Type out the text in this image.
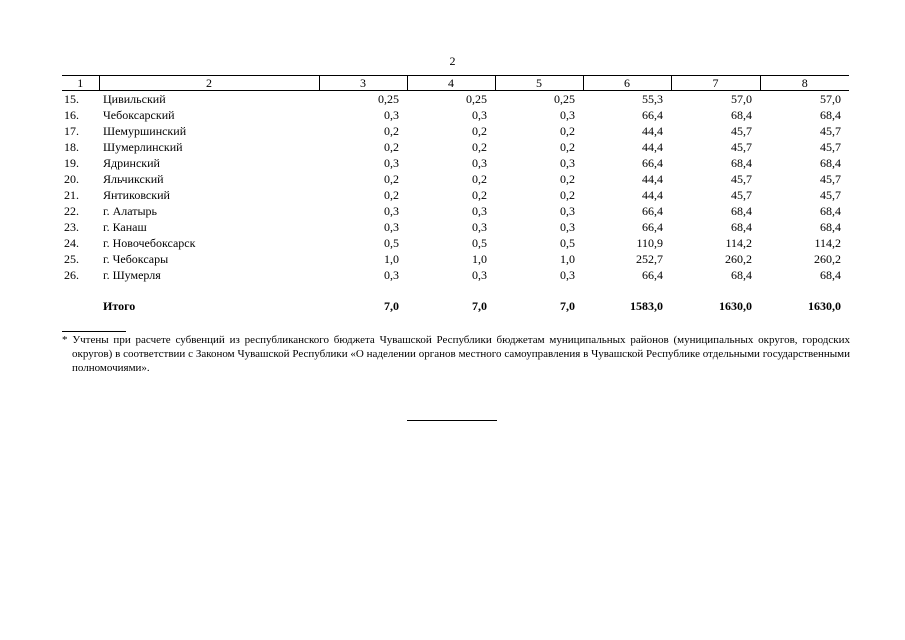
2
1	2	3	4	5	6	7	8
15.	Цивильский	0,25	0,25	0,25	55,3	57,0	57,0
16.	Чебоксарский	0,3	0,3	0,3	66,4	68,4	68,4
17.	Шемуршинский	0,2	0,2	0,2	44,4	45,7	45,7
18.	Шумерлинский	0,2	0,2	0,2	44,4	45,7	45,7
19.	Ядринский	0,3	0,3	0,3	66,4	68,4	68,4
20.	Яльчикский	0,2	0,2	0,2	44,4	45,7	45,7
21.	Янтиковский	0,2	0,2	0,2	44,4	45,7	45,7
22.	г. Алатырь	0,3	0,3	0,3	66,4	68,4	68,4
23.	г. Канаш	0,3	0,3	0,3	66,4	68,4	68,4
24.	г. Новочебоксарск	0,5	0,5	0,5	110,9	114,2	114,2
25.	г. Чебоксары	1,0	1,0	1,0	252,7	260,2	260,2
26.	г. Шумерля	0,3	0,3	0,3	66,4	68,4	68,4

	Итого	7,0	7,0	7,0	1583,0	1630,0	1630,0
* Учтены при расчете субвенций из республиканского бюджета Чувашской Республики бюджетам муниципальных районов (муниципальных округов, городских округов) в соответствии с Законом Чувашской Республики «О наделении органов местного самоуправления в Чувашской Республике отдельными государственными полномочиями».
